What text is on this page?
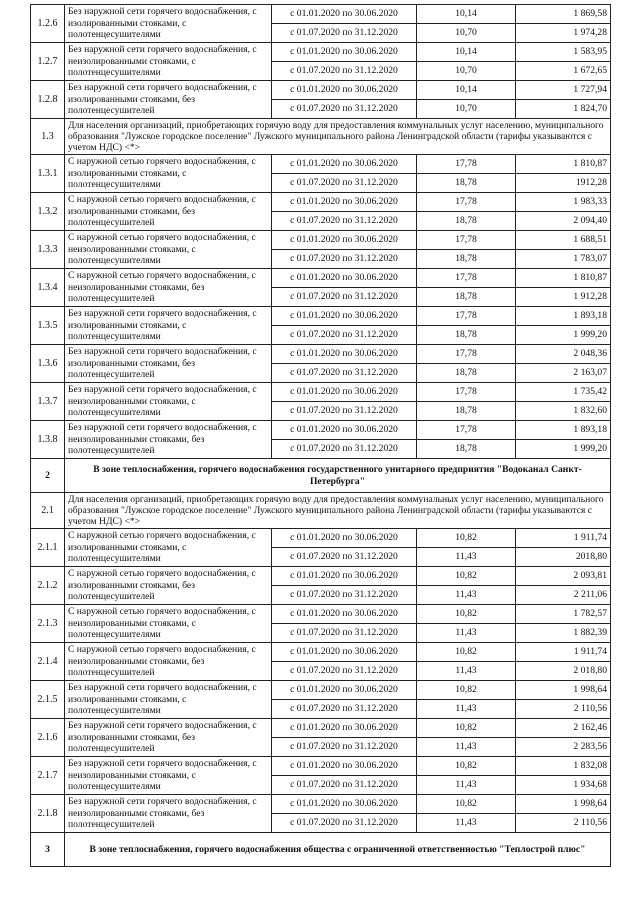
1.2.6	Без наружной сети горячего водоснабжения, с изолированными стояками, с полотенцесушителями	с 01.01.2020 по 30.06.2020	10,14	1 869,58
		с 01.07.2020 по 31.12.2020	10,70	1 974,28
1.2.7	Без наружной сети горячего водоснабжения, с неизолированными стояками, с полотенцесушителями	с 01.01.2020 по 30.06.2020	10,14	1 583,95
		с 01.07.2020 по 31.12.2020	10,70	1 672,65
1.2.8	Без наружной сети горячего водоснабжения, с изолированными стояками, без полотенцесушителей	с 01.01.2020 по 30.06.2020	10,14	1 727,94
		с 01.07.2020 по 31.12.2020	10,70	1 824,70
1.3	Для населения организаций, приобретающих горячую воду для предоставления коммунальных услуг населению, муниципального образования "Лужское городское поселение" Лужского муниципального района Ленинградской области (тарифы указываются с учетом НДС) <*>			
1.3.1	С наружной сетью горячего водоснабжения, с изолированными стояками, с полотенцесушителями	с 01.01.2020 по 30.06.2020	17,78	1 810,87
		с 01.07.2020 по 31.12.2020	18,78	1912,28
1.3.2	С наружной сетью горячего водоснабжения, с изолированными стояками, без полотенцесушителей	с 01.01.2020 по 30.06.2020	17,78	1 983,33
		с 01.07.2020 по 31.12.2020	18,78	2 094,40
1.3.3	С наружной сетью горячего водоснабжения, с неизолированными стояками, с полотенцесушителями	с 01.01.2020 по 30.06.2020	17,78	1 688,51
		с 01.07.2020 по 31.12.2020	18,78	1 783,07
1.3.4	С наружной сетью горячего водоснабжения, с неизолированными стояками, без полотенцесушителей	с 01.01.2020 по 30.06.2020	17,78	1 810,87
		с 01.07.2020 по 31.12.2020	18,78	1 912,28
1.3.5	Без наружной сети горячего водоснабжения, с изолированными стояками, с полотенцесушителями	с 01.01.2020 по 30.06.2020	17,78	1 893,18
		с 01.07.2020 по 31.12.2020	18,78	1 999,20
1.3.6	Без наружной сети горячего водоснабжения, с изолированными стояками, без полотенцесушителей	с 01.01.2020 по 30.06.2020	17,78	2 048,36
		с 01.07.2020 по 31.12.2020	18,78	2 163,07
1.3.7	Без наружной сети горячего водоснабжения, с неизолированными стояками, с полотенцесушителями	с 01.01.2020 по 30.06.2020	17,78	1 735,42
		с 01.07.2020 по 31.12.2020	18,78	1 832,60
1.3.8	Без наружной сети горячего водоснабжения, с неизолированными стояками, без полотенцесушителей	с 01.01.2020 по 30.06.2020	17,78	1 893,18
		с 01.07.2020 по 31.12.2020	18,78	1 999,20
2	В зоне теплоснабжения, горячего водоснабжения государственного унитарного предприятия "Водоканал Санкт-Петербурга"			
2.1	Для населения организаций, приобретающих горячую воду для предоставления коммунальных услуг населению, муниципального образования "Лужское городское поселение" Лужского муниципального района Ленинградской области (тарифы указываются с учетом НДС) <*>			
2.1.1	С наружной сетью горячего водоснабжения, с изолированными стояками, с полотенцесушителями	с 01.01.2020 по 30.06.2020	10,82	1 911,74
		с 01.07.2020 по 31.12.2020	11,43	2018,80
2.1.2	С наружной сетью горячего водоснабжения, с изолированными стояками, без полотенцесушителей	с 01.01.2020 по 30.06.2020	10,82	2 093,81
		с 01.07.2020 по 31.12.2020	11,43	2 211,06
2.1.3	С наружной сетью горячего водоснабжения, с неизолированными стояками, с полотенцесушителями	с 01.01.2020 по 30.06.2020	10,82	1 782,57
		с 01.07.2020 по 31.12.2020	11,43	1 882,39
2.1.4	С наружной сетью горячего водоснабжения, с неизолированными стояками, без полотенцесушителей	с 01.01.2020 по 30.06.2020	10,82	1 911,74
		с 01.07.2020 по 31.12.2020	11,43	2 018,80
2.1.5	Без наружной сети горячего водоснабжения, с изолированными стояками, с полотенцесушителями	с 01.01.2020 по 30.06.2020	10,82	1 998,64
		с 01.07.2020 по 31.12.2020	11,43	2 110,56
2.1.6	Без наружной сети горячего водоснабжения, с изолированными стояками, без полотенцесушителей	с 01.01.2020 по 30.06.2020	10,82	2 162,46
		с 01.07.2020 по 31.12.2020	11,43	2 283,56
2.1.7	Без наружной сети горячего водоснабжения, с неизолированными стояками, с полотенцесушителями	с 01.01.2020 по 30.06.2020	10,82	1 832,08
		с 01.07.2020 по 31.12.2020	11,43	1 934,68
2.1.8	Без наружной сети горячего водоснабжения, с неизолированными стояками, без полотенцесушителей	с 01.01.2020 по 30.06.2020	10,82	1 998,64
		с 01.07.2020 по 31.12.2020	11,43	2 110,56
3	В зоне теплоснабжения, горячего водоснабжения общества с ограниченной ответственностью "Теплострой плюс"			
